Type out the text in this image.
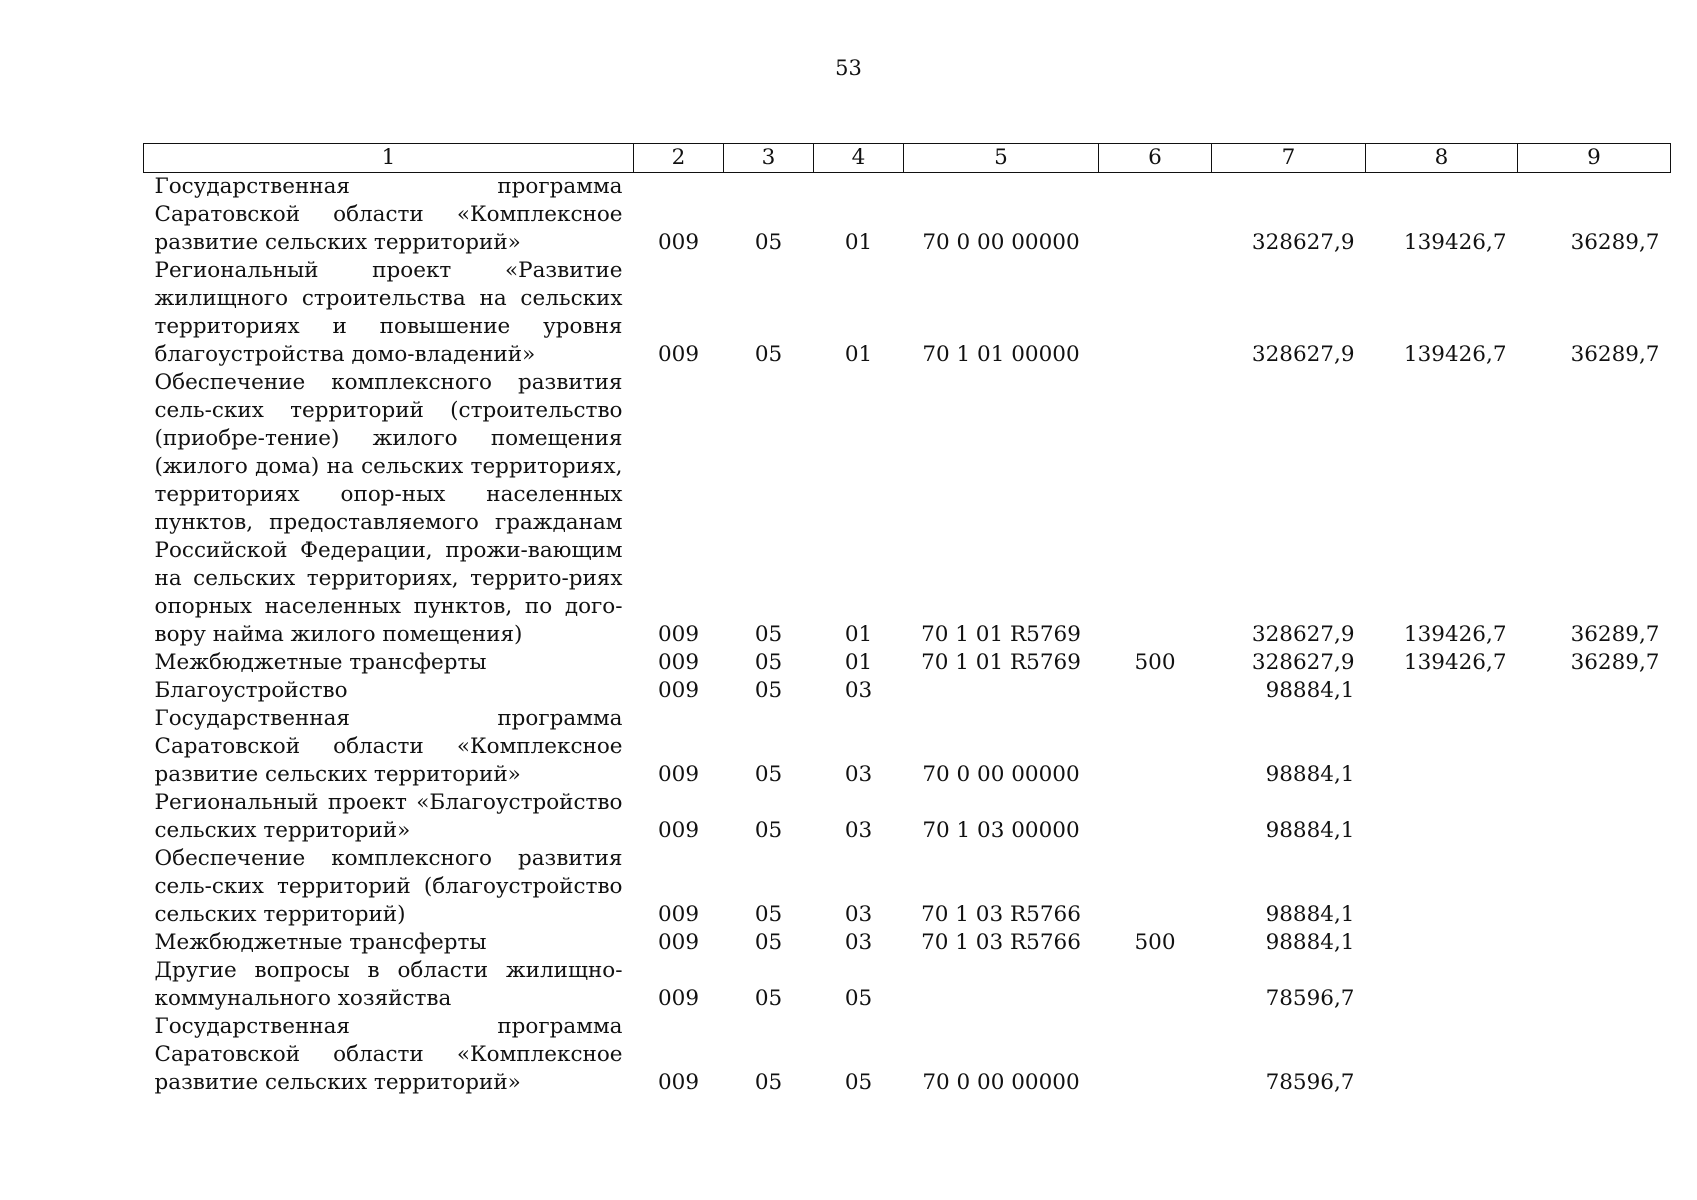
53
1	2	3	4	5	6	7	8	9
Государственная программа Саратовской области «Комплексное развитие сельских территорий»	009	05	01	70 0 00 00000		328627,9	139426,7	36289,7
Региональный проект «Развитие жилищного строительства на сельских территориях и повышение уровня благоустройства домо-владений»	009	05	01	70 1 01 00000		328627,9	139426,7	36289,7
Обеспечение комплексного развития сель-ских территорий (строительство (приобре-тение) жилого помещения (жилого дома) на сельских территориях, территориях опор-ных населенных пунктов, предоставляемого гражданам Российской Федерации, прожи-вающим на сельских территориях, террито-риях опорных населенных пунктов, по дого-вору найма жилого помещения)	009	05	01	70 1 01 R5769		328627,9	139426,7	36289,7
Межбюджетные трансферты	009	05	01	70 1 01 R5769	500	328627,9	139426,7	36289,7
Благоустройство	009	05	03			98884,1		
Государственная программа Саратовской области «Комплексное развитие сельских территорий»	009	05	03	70 0 00 00000		98884,1		
Региональный проект «Благоустройство сельских территорий»	009	05	03	70 1 03 00000		98884,1		
Обеспечение комплексного развития сель-ских территорий (благоустройство сельских территорий)	009	05	03	70 1 03 R5766		98884,1		
Межбюджетные трансферты	009	05	03	70 1 03 R5766	500	98884,1		
Другие вопросы в области жилищно-коммунального хозяйства	009	05	05			78596,7		
Государственная программа Саратовской области «Комплексное развитие сельских территорий»	009	05	05	70 0 00 00000		78596,7		
